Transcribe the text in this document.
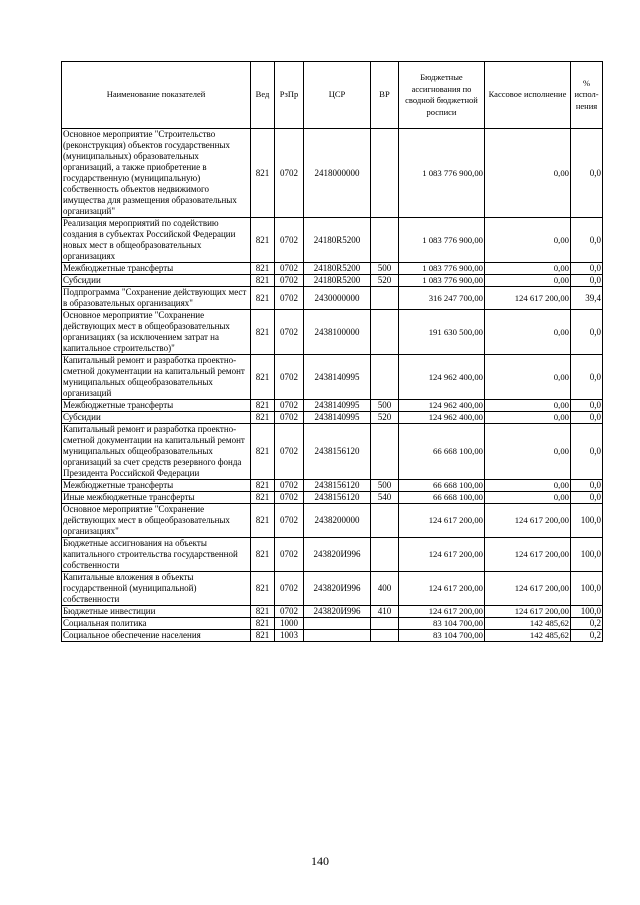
Наименование показателей	Вед	РзПр	ЦСР	ВР	Бюджетные ассигнования по сводной бюджетной росписи	Кассовое исполнение	% испол-нения
Основное мероприятие "Строительство (реконструкция) объектов государственных (муниципальных) образовательных организаций, а также приобретение в государственную (муниципальную) собственность объектов недвижимого имущества для размещения образовательных организаций"	821	0702	2418000000		1 083 776 900,00	0,00	0,0
Реализация мероприятий по содействию создания в субъектах Российской Федерации новых мест в общеобразовательных организациях	821	0702	24180R5200		1 083 776 900,00	0,00	0,0
Межбюджетные трансферты	821	0702	24180R5200	500	1 083 776 900,00	0,00	0,0
Субсидии	821	0702	24180R5200	520	1 083 776 900,00	0,00	0,0
Подпрограмма "Сохранение действующих мест в образовательных организациях"	821	0702	2430000000		316 247 700,00	124 617 200,00	39,4
Основное мероприятие "Сохранение действующих мест в общеобразовательных организациях (за исключением затрат на капитальное строительство)"	821	0702	2438100000		191 630 500,00	0,00	0,0
Капитальный ремонт и разработка проектно-сметной документации на капитальный ремонт муниципальных общеобразовательных организаций	821	0702	2438140995		124 962 400,00	0,00	0,0
Межбюджетные трансферты	821	0702	2438140995	500	124 962 400,00	0,00	0,0
Субсидии	821	0702	2438140995	520	124 962 400,00	0,00	0,0
Капитальный ремонт и разработка проектно-сметной документации на капитальный ремонт муниципальных общеобразовательных организаций за счет средств резервного фонда Президента Российской Федерации	821	0702	2438156120		66 668 100,00	0,00	0,0
Межбюджетные трансферты	821	0702	2438156120	500	66 668 100,00	0,00	0,0
Иные межбюджетные трансферты	821	0702	2438156120	540	66 668 100,00	0,00	0,0
Основное мероприятие "Сохранение действующих мест в общеобразовательных организациях"	821	0702	2438200000		124 617 200,00	124 617 200,00	100,0
Бюджетные ассигнования на объекты капитального строительства государственной собственности	821	0702	243820И996		124 617 200,00	124 617 200,00	100,0
Капитальные вложения в объекты государственной (муниципальной) собственности	821	0702	243820И996	400	124 617 200,00	124 617 200,00	100,0
Бюджетные инвестиции	821	0702	243820И996	410	124 617 200,00	124 617 200,00	100,0
Социальная политика	821	1000			83 104 700,00	142 485,62	0,2
Социальное обеспечение населения	821	1003			83 104 700,00	142 485,62	0,2
140
